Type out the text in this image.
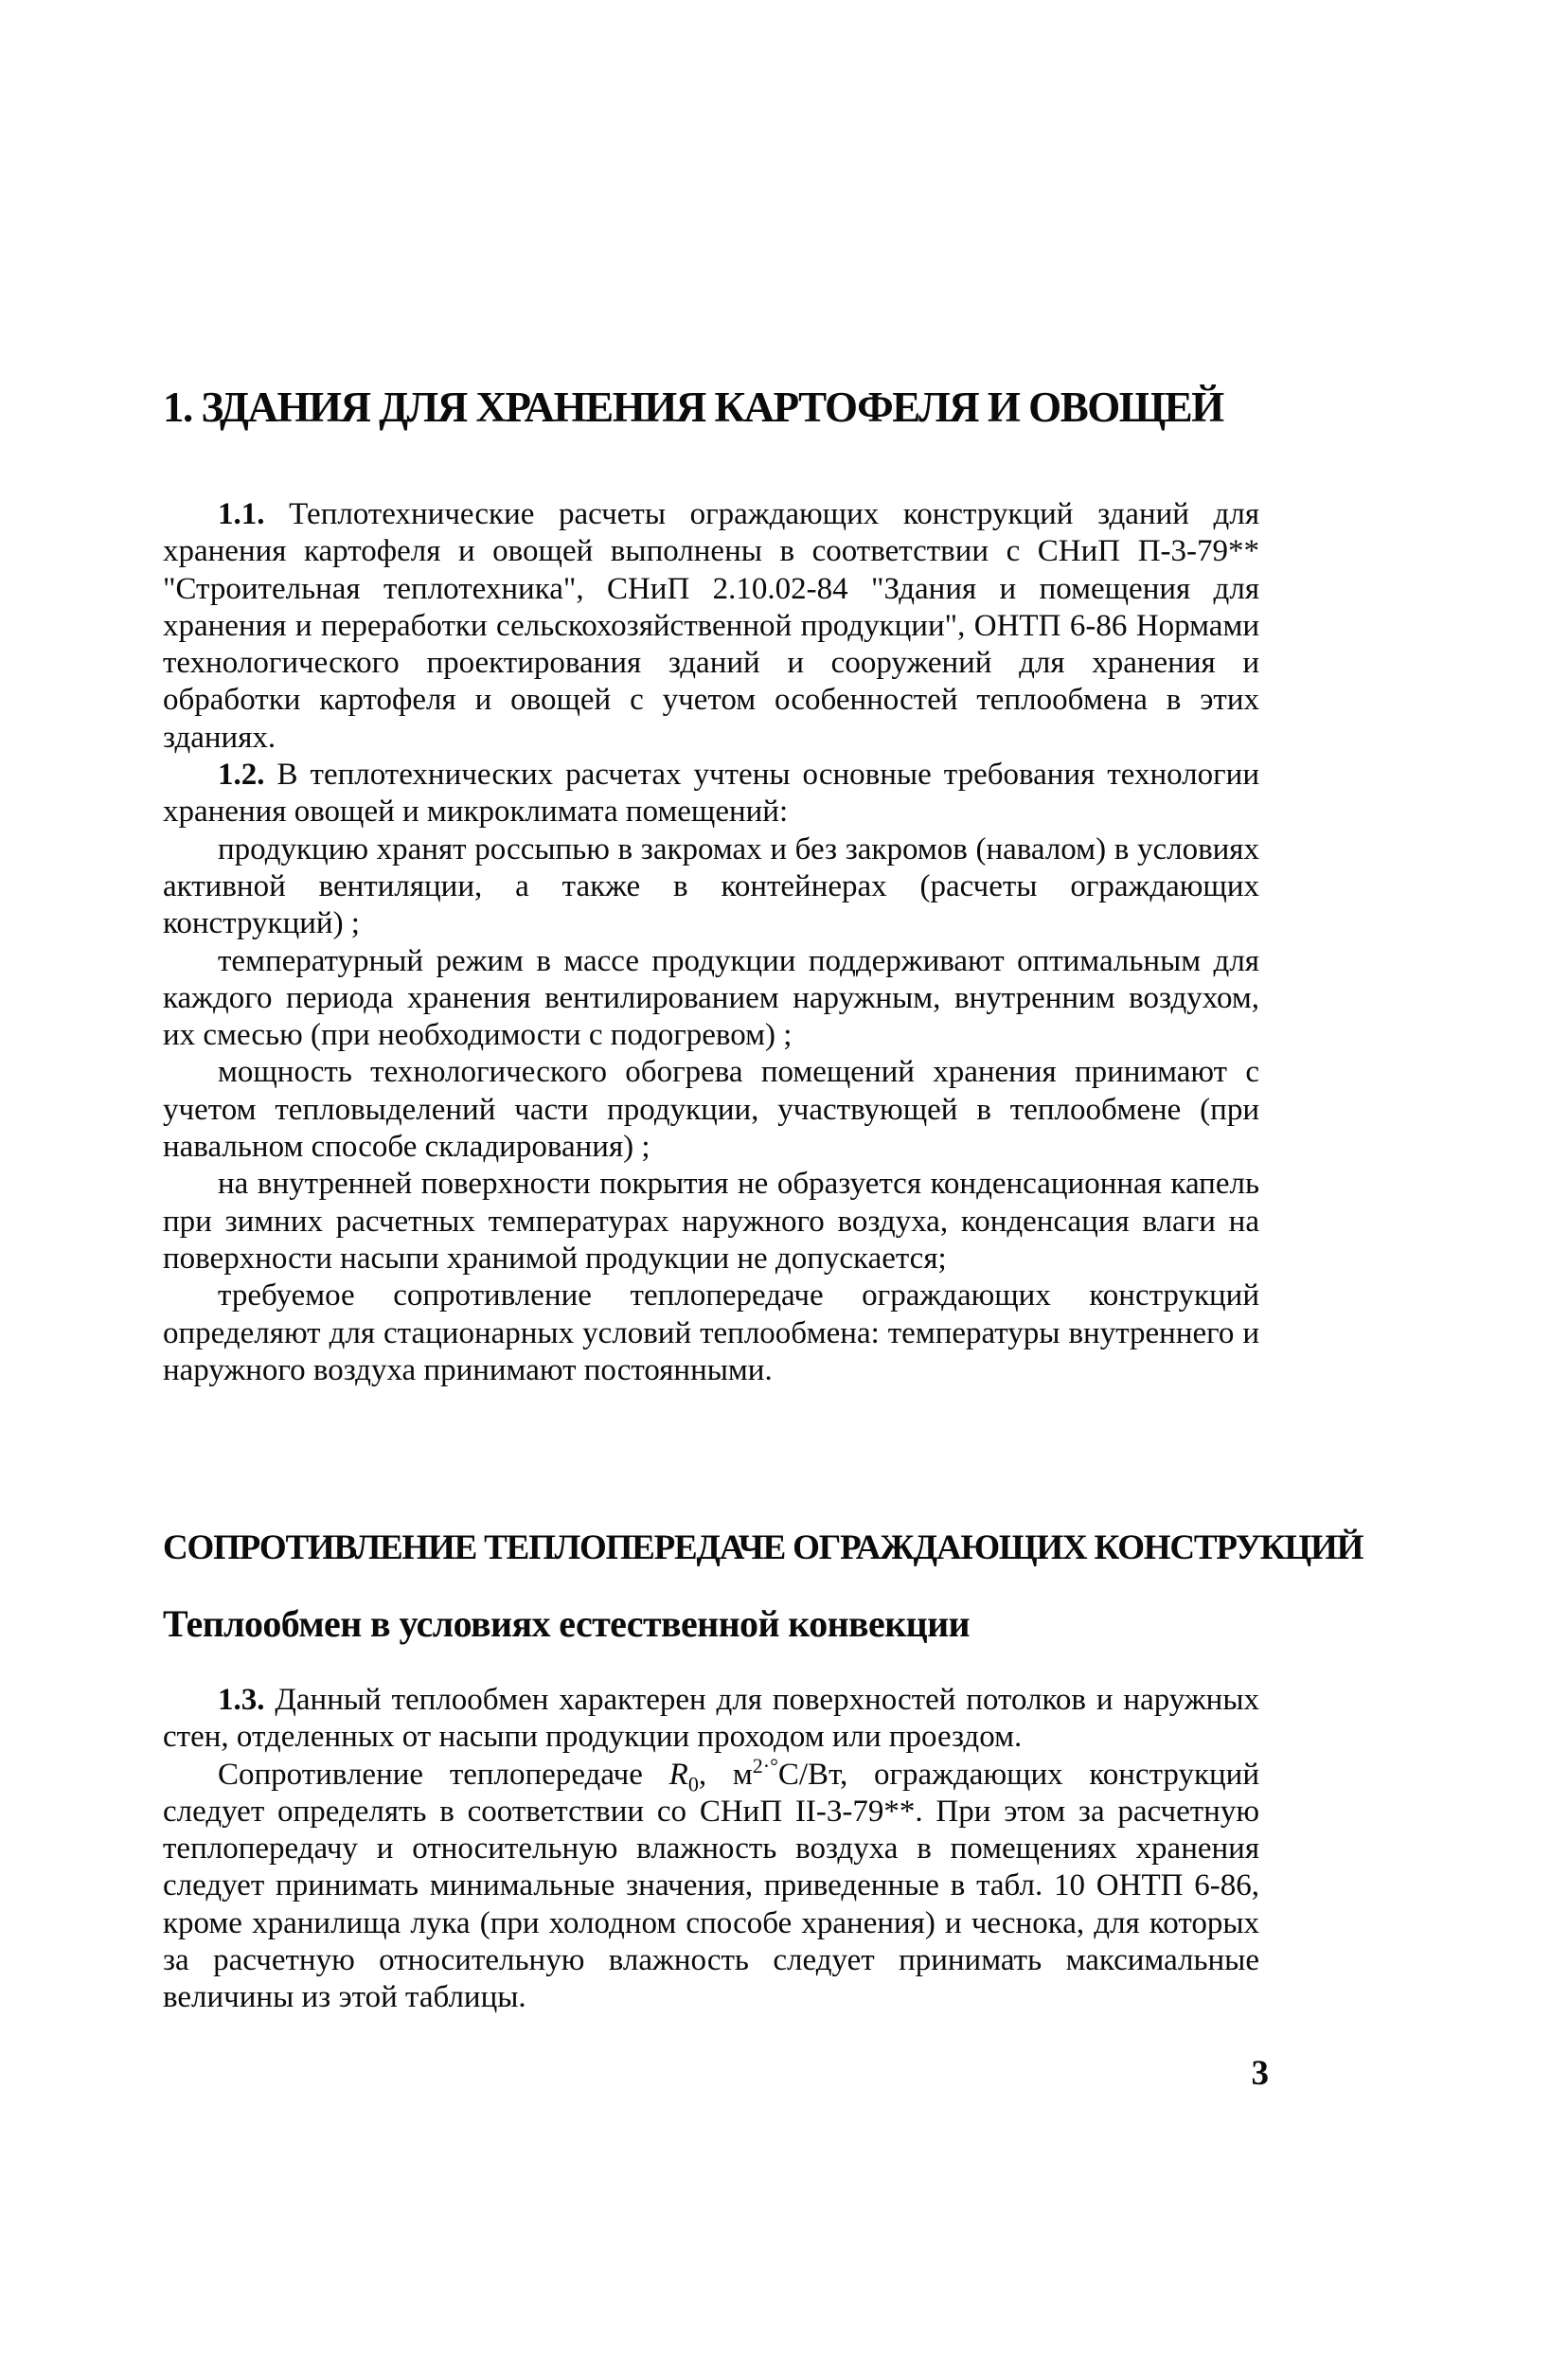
1. ЗДАНИЯ ДЛЯ ХРАНЕНИЯ КАРТОФЕЛЯ И ОВОЩЕЙ

1.1. Теплотехнические расчеты ограждающих конструкций зданий для хранения картофеля и овощей выполнены в соответствии с СНиП П-3-79** "Строительная теплотехника", СНиП 2.10.02-84 "Здания и помещения для хранения и переработки сельскохозяйственной продукции", ОНТП 6-86 Нормами технологического проектирования зданий и сооружений для хранения и обработки картофеля и овощей с учетом особенностей теплообмена в этих зданиях.

1.2. В теплотехнических расчетах учтены основные требования технологии хранения овощей и микроклимата помещений:

продукцию хранят россыпью в закромах и без закромов (навалом) в условиях активной вентиляции, а также в контейнерах (расчеты ограждающих конструкций) ;

температурный режим в массе продукции поддерживают оптимальным для каждого периода хранения вентилированием наружным, внутренним воздухом, их смесью (при необходимости с подогревом) ;

мощность технологического обогрева помещений хранения принимают с учетом тепловыделений части продукции, участвующей в теплообмене (при навальном способе складирования) ;

на внутренней поверхности покрытия не образуется конденсационная капель при зимних расчетных температурах наружного воздуха, конденсация влаги на поверхности насыпи хранимой продукции не допускается;

требуемое сопротивление теплопередаче ограждающих конструкций определяют для стационарных условий теплообмена: температуры внутреннего и наружного воздуха принимают постоянными.

СОПРОТИВЛЕНИЕ ТЕПЛОПЕРЕДАЧЕ ОГРАЖДАЮЩИХ КОНСТРУКЦИЙ
Теплообмен в условиях естественной конвекции

1.3. Данный теплообмен характерен для поверхностей потолков и наружных стен, отделенных от насыпи продукции проходом или проездом.

Сопротивление теплопередаче $R_0$, $м^{2\cdot^\circ}С/Вт$, ограждающих конструкций следует определять в соответствии со СНиП II-3-79**. При этом за расчетную теплопередачу и относительную влажность воздуха в помещениях хранения следует принимать минимальные значения, приведенные в табл. 10 ОНТП 6-86, кроме хранилища лука (при холодном способе хранения) и чеснока, для которых за расчетную относительную влажность следует принимать максимальные величины из этой таблицы.

3
